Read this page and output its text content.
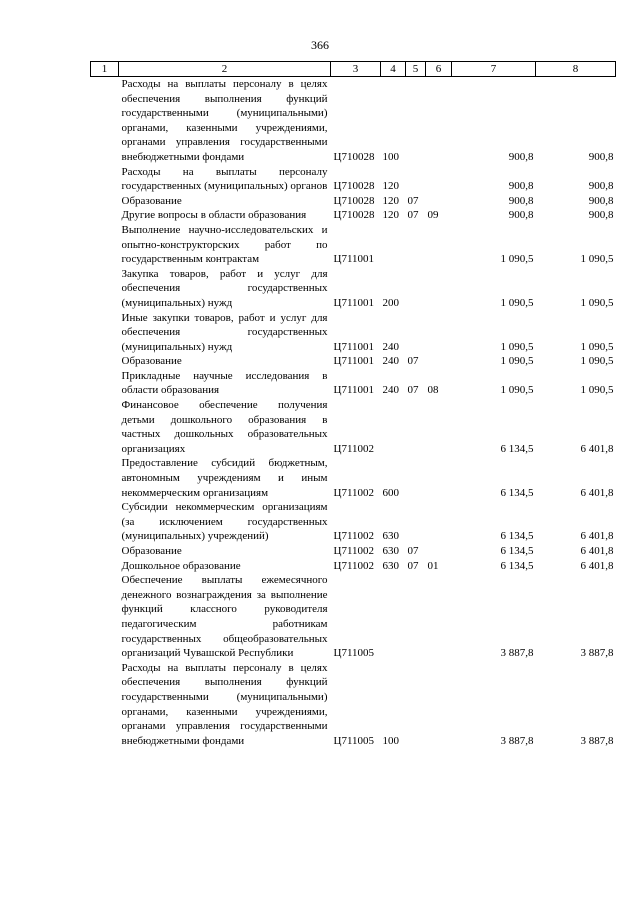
366
1	2	3	4	5	6	7	8
	Расходы на выплаты персоналу в целях обеспечения выполнения функций государственными (муниципальными) органами, казенными учреждениями, органами управления государственными внебюджетными фондами	Ц710028	100			900,8	900,8
	Расходы на выплаты персоналу государственных (муниципальных) органов	Ц710028	120			900,8	900,8
	Образование	Ц710028	120	07		900,8	900,8
	Другие вопросы в области образования	Ц710028	120	07	09	900,8	900,8
	Выполнение научно-исследовательских и опытно-конструкторских работ по государственным контрактам	Ц711001				1 090,5	1 090,5
	Закупка товаров, работ и услуг для обеспечения государственных (муниципальных) нужд	Ц711001	200			1 090,5	1 090,5
	Иные закупки товаров, работ и услуг для обеспечения государственных (муниципальных) нужд	Ц711001	240			1 090,5	1 090,5
	Образование	Ц711001	240	07		1 090,5	1 090,5
	Прикладные научные исследования в области образования	Ц711001	240	07	08	1 090,5	1 090,5
	Финансовое обеспечение получения детьми дошкольного образования в частных дошкольных образовательных организациях	Ц711002				6 134,5	6 401,8
	Предоставление субсидий бюджетным, автономным учреждениям и иным некоммерческим организациям	Ц711002	600			6 134,5	6 401,8
	Субсидии некоммерческим организациям (за исключением государственных (муниципальных) учреждений)	Ц711002	630			6 134,5	6 401,8
	Образование	Ц711002	630	07		6 134,5	6 401,8
	Дошкольное образование	Ц711002	630	07	01	6 134,5	6 401,8
	Обеспечение выплаты ежемесячного денежного вознаграждения за выполнение функций классного руководителя педагогическим работникам государственных общеобразовательных организаций Чувашской Республики	Ц711005				3 887,8	3 887,8
	Расходы на выплаты персоналу в целях обеспечения выполнения функций государственными (муниципальными) органами, казенными учреждениями, органами управления государственными внебюджетными фондами	Ц711005	100			3 887,8	3 887,8
